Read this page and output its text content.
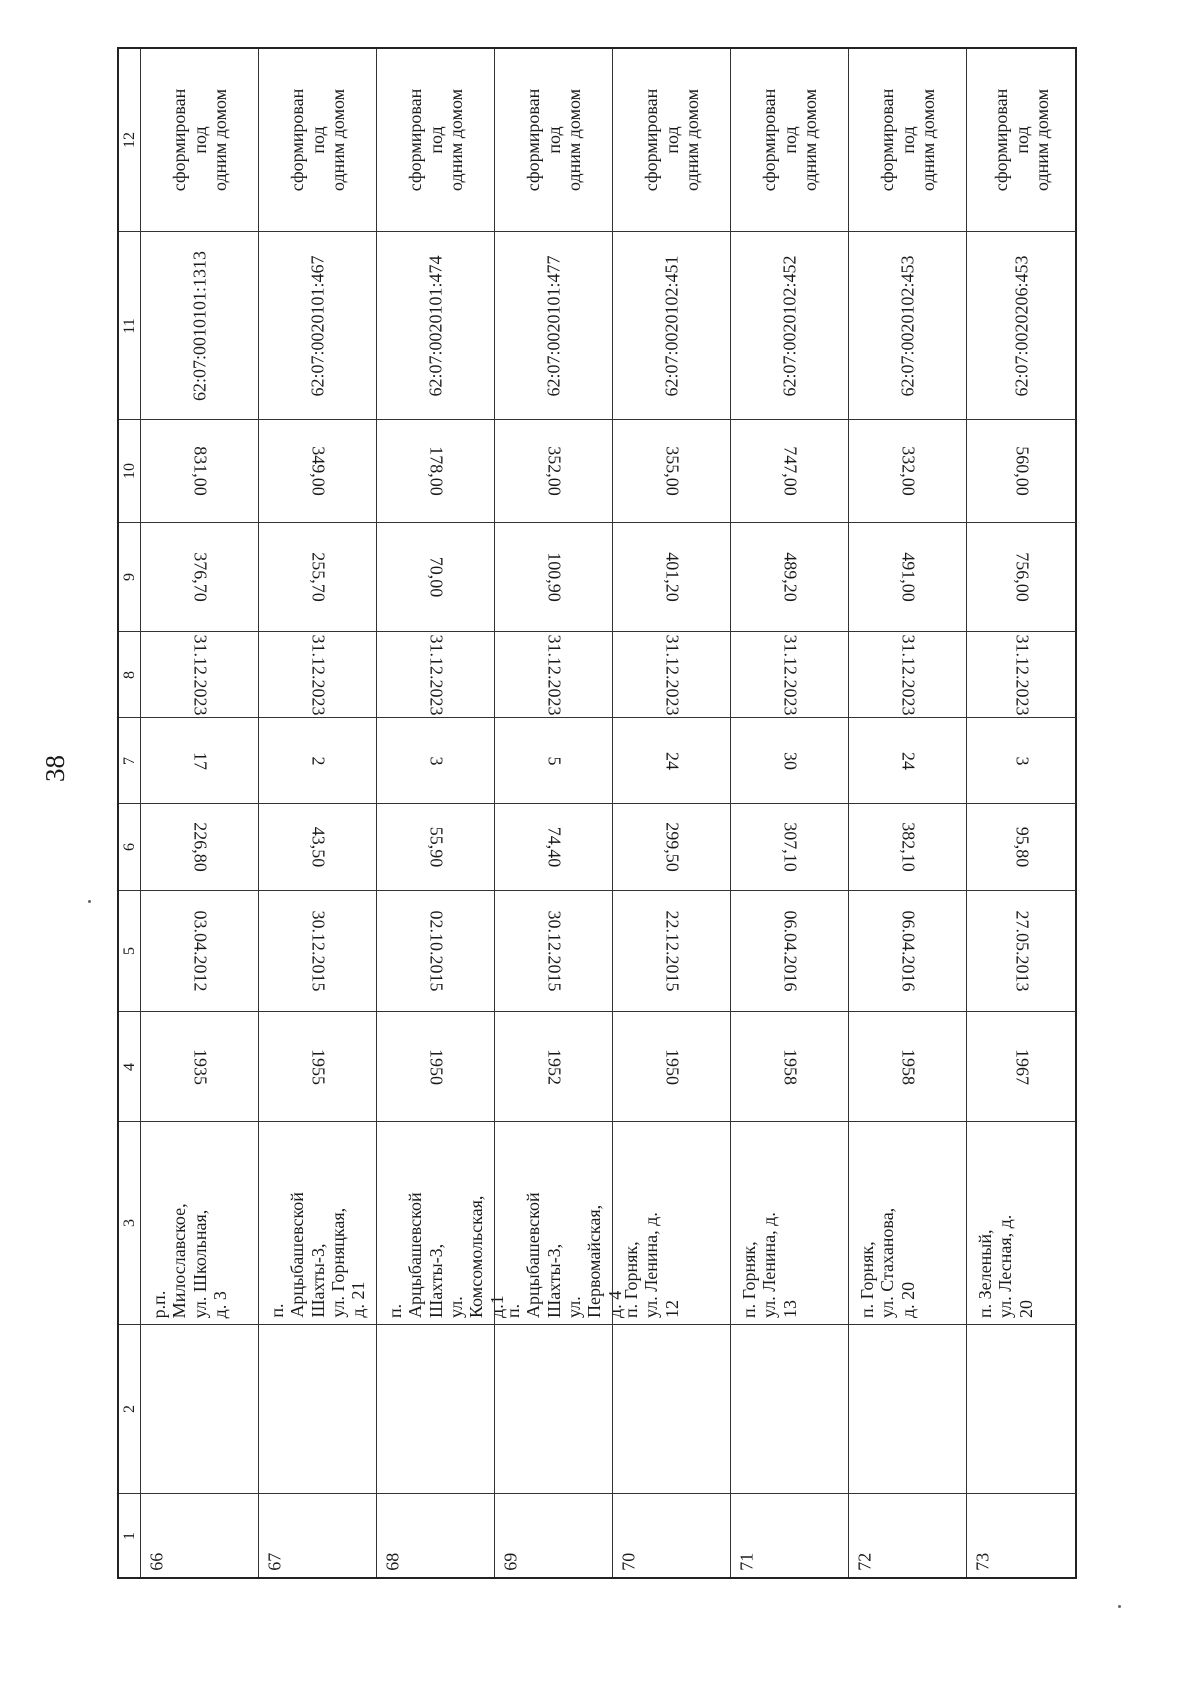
38
12
11
10
9
8
7
6
5
4
3
2
1
сформирован под
одним домом
62:07:0010101:1313
831,00
376,70
31.12.2023
17
226,80
03.04.2012
1935
р.п. Милославское,
ул. Школьная, д. 3
66
сформирован под
одним домом
62:07:0020101:467
349,00
255,70
31.12.2023
2
43,50
30.12.2015
1955
п. Арцыбашевской
Шахты-3,
ул. Горняцкая, д. 21
67
сформирован под
одним домом
62:07:0020101:474
178,00
70,00
31.12.2023
3
55,90
02.10.2015
1950
п. Арцыбашевской
Шахты-3,
ул. Комсомольская,
д.1
68
сформирован под
одним домом
62:07:0020101:477
352,00
100,90
31.12.2023
5
74,40
30.12.2015
1952
п. Арцыбашевской
Шахты-3,
ул. Первомайская,
д. 4
69
сформирован под
одним домом
62:07:0020102:451
355,00
401,20
31.12.2023
24
299,50
22.12.2015
1950
п. Горняк,
ул. Ленина, д. 12
70
сформирован под
одним домом
62:07:0020102:452
747,00
489,20
31.12.2023
30
307,10
06.04.2016
1958
п. Горняк,
ул. Ленина, д. 13
71
сформирован под
одним домом
62:07:0020102:453
332,00
491,00
31.12.2023
24
382,10
06.04.2016
1958
п. Горняк,
ул. Стаханова, д. 20
72
сформирован под
одним домом
62:07:0020206:453
560,00
756,00
31.12.2023
3
95,80
27.05.2013
1967
п. Зеленый,
ул. Лесная, д. 20
73
